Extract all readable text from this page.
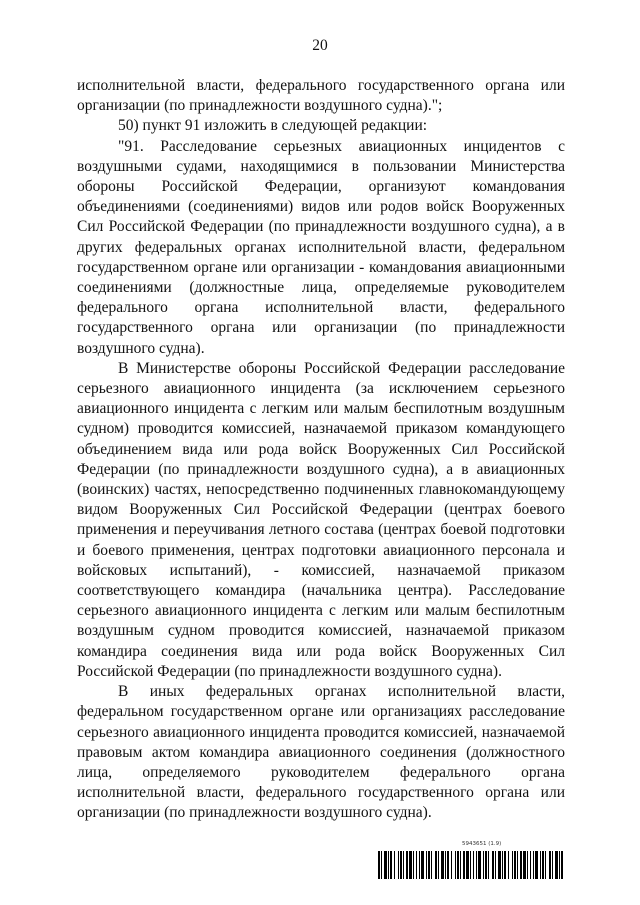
20

исполнительной власти, федерального государственного органа или организации (по принадлежности воздушного судна).";

50) пункт 91 изложить в следующей редакции:

"91. Расследование серьезных авиационных инцидентов с воздушными судами, находящимися в пользовании Министерства обороны Российской Федерации, организуют командования объединениями (соединениями) видов или родов войск Вооруженных Сил Российской Федерации (по принадлежности воздушного судна), а в других федеральных органах исполнительной власти, федеральном государственном органе или организации - командования авиационными соединениями (должностные лица, определяемые руководителем федерального органа исполнительной власти, федерального государственного органа или организации (по принадлежности воздушного судна).

В Министерстве обороны Российской Федерации расследование серьезного авиационного инцидента (за исключением серьезного авиационного инцидента с легким или малым беспилотным воздушным судном) проводится комиссией, назначаемой приказом командующего объединением вида или рода войск Вооруженных Сил Российской Федерации (по принадлежности воздушного судна), а в авиационных (воинских) частях, непосредственно подчиненных главнокомандующему видом Вооруженных Сил Российской Федерации (центрах боевого применения и переучивания летного состава (центрах боевой подготовки и боевого применения, центрах подготовки авиационного персонала и войсковых испытаний), - комиссией, назначаемой приказом соответствующего командира (начальника центра). Расследование серьезного авиационного инцидента с легким или малым беспилотным воздушным судном проводится комиссией, назначаемой приказом командира соединения вида или рода войск Вооруженных Сил Российской Федерации (по принадлежности воздушного судна).

В иных федеральных органах исполнительной власти, федеральном государственном органе или организациях расследование серьезного авиационного инцидента проводится комиссией, назначаемой правовым актом командира авиационного соединения (должностного лица, определяемого руководителем федерального органа исполнительной власти, федерального государственного органа или организации (по принадлежности воздушного судна).

5943651 (1.9)
